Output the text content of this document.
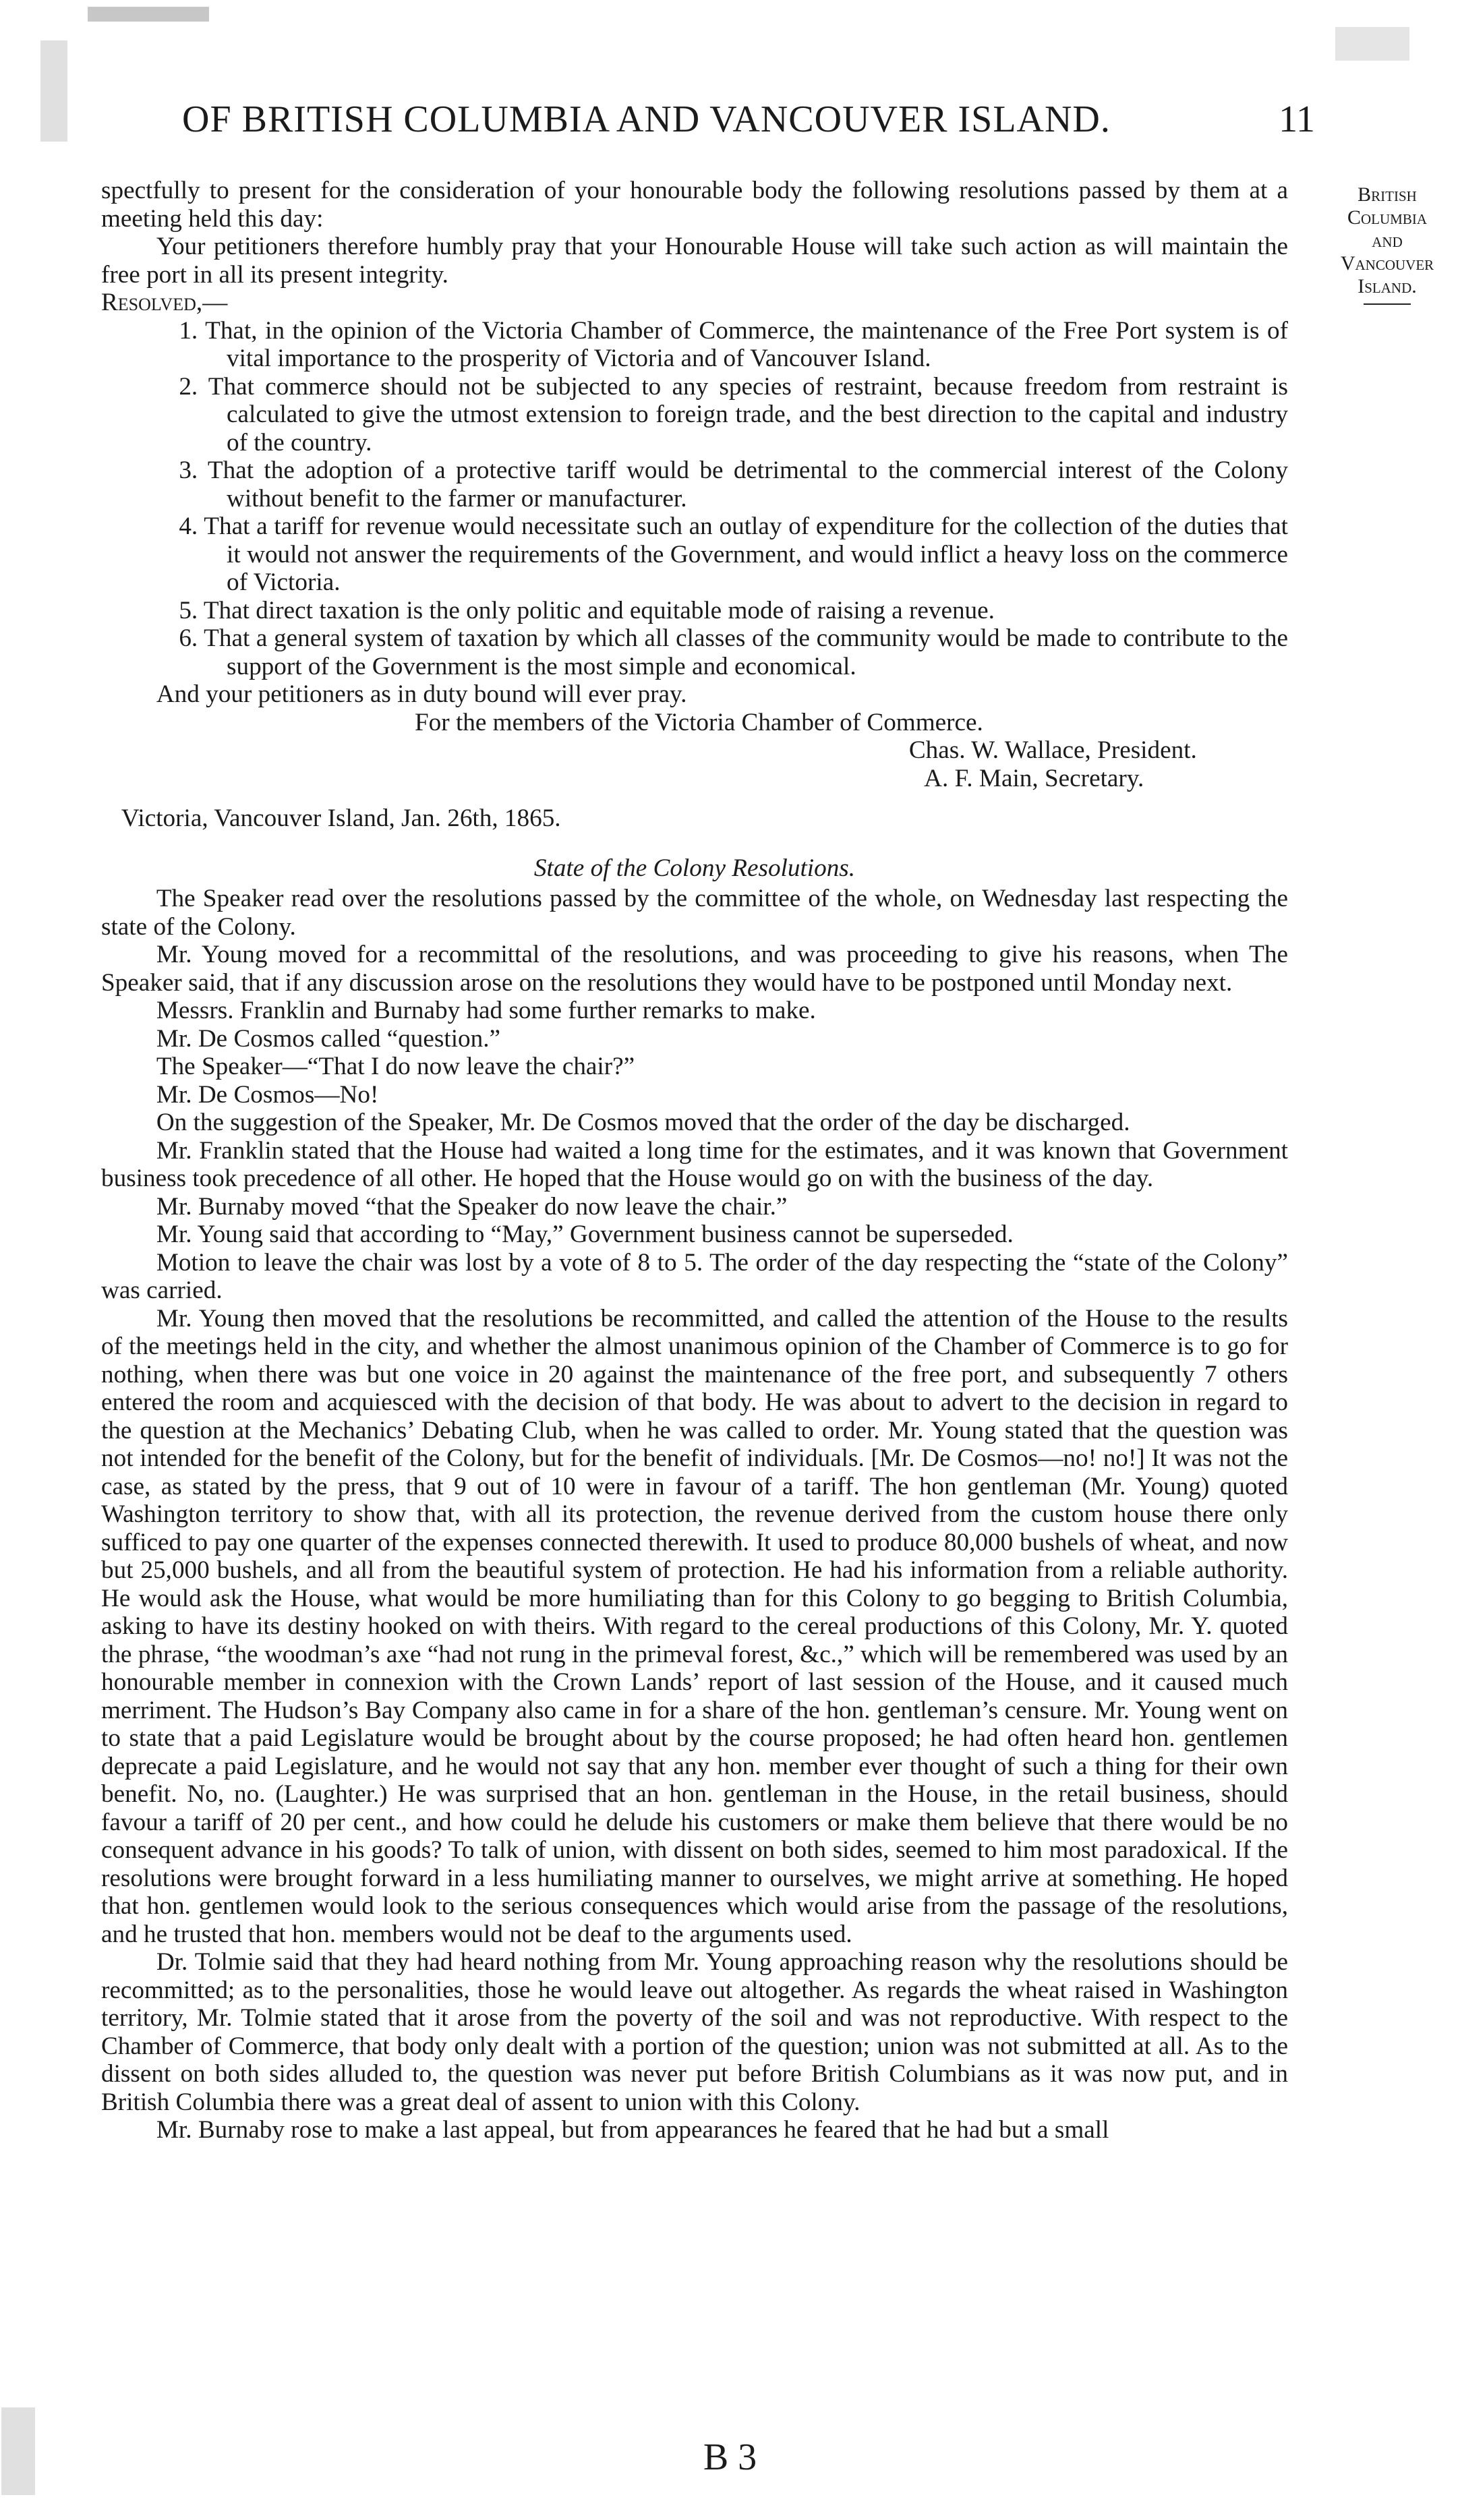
OF BRITISH COLUMBIA AND VANCOUVER ISLAND.	11
British
Columbia
and
Vancouver
Island.

spectfully to present for the consideration of your honourable body the following resolutions passed by them at a meeting held this day:

Your petitioners therefore humbly pray that your Honourable House will take such action as will maintain the free port in all its present integrity.

Resolved,—

1. That, in the opinion of the Victoria Chamber of Commerce, the maintenance of the Free Port system is of vital importance to the prosperity of Victoria and of Vancouver Island.

2. That commerce should not be subjected to any species of restraint, because freedom from restraint is calculated to give the utmost extension to foreign trade, and the best direction to the capital and industry of the country.

3. That the adoption of a protective tariff would be detrimental to the commercial interest of the Colony without benefit to the farmer or manufacturer.

4. That a tariff for revenue would necessitate such an outlay of expenditure for the collection of the duties that it would not answer the requirements of the Government, and would inflict a heavy loss on the commerce of Victoria.

5. That direct taxation is the only politic and equitable mode of raising a revenue.

6. That a general system of taxation by which all classes of the community would be made to contribute to the support of the Government is the most simple and economical.

And your petitioners as in duty bound will ever pray.

For the members of the Victoria Chamber of Commerce.

Chas. W. Wallace, President.

A. F. Main, Secretary.

Victoria, Vancouver Island, Jan. 26th, 1865.

State of the Colony Resolutions.

The Speaker read over the resolutions passed by the committee of the whole, on Wednesday last respecting the state of the Colony.

Mr. Young moved for a recommittal of the resolutions, and was proceeding to give his reasons, when The Speaker said, that if any discussion arose on the resolutions they would have to be postponed until Monday next.

Messrs. Franklin and Burnaby had some further remarks to make.

Mr. De Cosmos called “question.”

The Speaker—“That I do now leave the chair?”

Mr. De Cosmos—No!

On the suggestion of the Speaker, Mr. De Cosmos moved that the order of the day be discharged.

Mr. Franklin stated that the House had waited a long time for the estimates, and it was known that Government business took precedence of all other. He hoped that the House would go on with the business of the day.

Mr. Burnaby moved “that the Speaker do now leave the chair.”

Mr. Young said that according to “May,” Government business cannot be superseded.

Motion to leave the chair was lost by a vote of 8 to 5. The order of the day respecting the “state of the Colony” was carried.

Mr. Young then moved that the resolutions be recommitted, and called the attention of the House to the results of the meetings held in the city, and whether the almost unanimous opinion of the Chamber of Commerce is to go for nothing, when there was but one voice in 20 against the maintenance of the free port, and subsequently 7 others entered the room and acquiesced with the decision of that body. He was about to advert to the decision in regard to the question at the Mechanics’ Debating Club, when he was called to order. Mr. Young stated that the question was not intended for the benefit of the Colony, but for the benefit of individuals. [Mr. De Cosmos—no! no!] It was not the case, as stated by the press, that 9 out of 10 were in favour of a tariff. The hon gentleman (Mr. Young) quoted Washington territory to show that, with all its protection, the revenue derived from the custom house there only sufficed to pay one quarter of the expenses connected therewith. It used to produce 80,000 bushels of wheat, and now but 25,000 bushels, and all from the beautiful system of protection. He had his information from a reliable authority. He would ask the House, what would be more humiliating than for this Colony to go begging to British Columbia, asking to have its destiny hooked on with theirs. With regard to the cereal productions of this Colony, Mr. Y. quoted the phrase, “the woodman’s axe “had not rung in the primeval forest, &c.,” which will be remembered was used by an honourable member in connexion with the Crown Lands’ report of last session of the House, and it caused much merriment. The Hudson’s Bay Company also came in for a share of the hon. gentleman’s censure. Mr. Young went on to state that a paid Legislature would be brought about by the course proposed; he had often heard hon. gentlemen deprecate a paid Legislature, and he would not say that any hon. member ever thought of such a thing for their own benefit. No, no. (Laughter.) He was surprised that an hon. gentleman in the House, in the retail business, should favour a tariff of 20 per cent., and how could he delude his customers or make them believe that there would be no consequent advance in his goods? To talk of union, with dissent on both sides, seemed to him most paradoxical. If the resolutions were brought forward in a less humiliating manner to ourselves, we might arrive at something. He hoped that hon. gentlemen would look to the serious consequences which would arise from the passage of the resolutions, and he trusted that hon. members would not be deaf to the arguments used.

Dr. Tolmie said that they had heard nothing from Mr. Young approaching reason why the resolutions should be recommitted; as to the personalities, those he would leave out altogether. As regards the wheat raised in Washington territory, Mr. Tolmie stated that it arose from the poverty of the soil and was not reproductive. With respect to the Chamber of Commerce, that body only dealt with a portion of the question; union was not submitted at all. As to the dissent on both sides alluded to, the question was never put before British Columbians as it was now put, and in British Columbia there was a great deal of assent to union with this Colony.

Mr. Burnaby rose to make a last appeal, but from appearances he feared that he had but a small

B 3
